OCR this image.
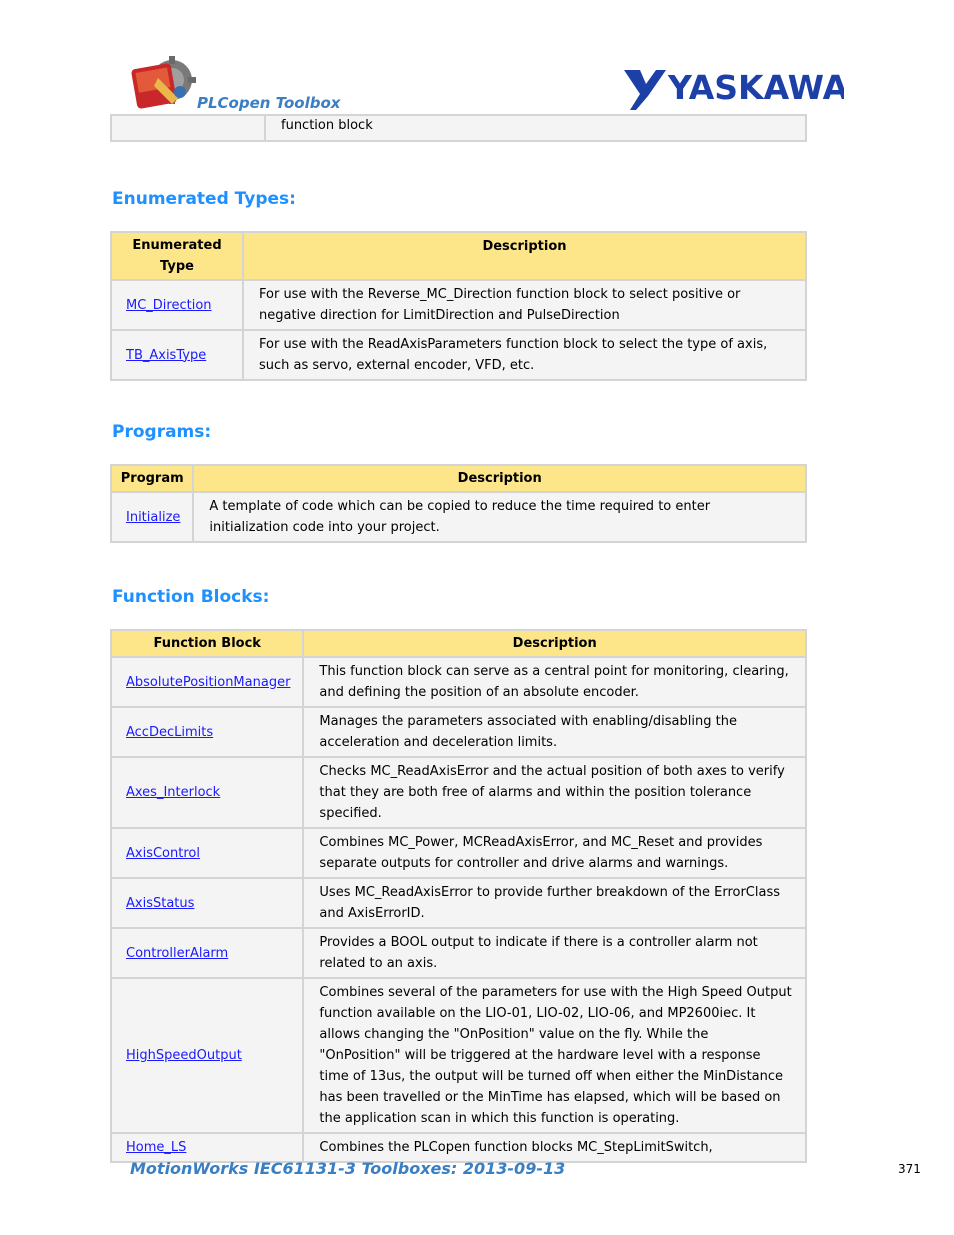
PLCopen Toolbox	YASKAWA
	function block
Enumerated Types:
Enumerated Type	Description
MC_Direction	For use with the Reverse_MC_Direction function block to select positive or negative direction for LimitDirection and PulseDirection
TB_AxisType	For use with the ReadAxisParameters function block to select the type of axis, such as servo, external encoder, VFD, etc.
Programs:
Program	Description
Initialize	A template of code which can be copied to reduce the time required to enter initialization code into your project.
Function Blocks:
Function Block	Description
AbsolutePositionManager	This function block can serve as a central point for monitoring, clearing, and defining the position of an absolute encoder.
AccDecLimits	Manages the parameters associated with enabling/disabling the acceleration and deceleration limits.
Axes_Interlock	Checks MC_ReadAxisError and the actual position of both axes to verify that they are both free of alarms and within the position tolerance specified.
AxisControl	Combines MC_Power, MCReadAxisError, and MC_Reset and provides separate outputs for controller and drive alarms and warnings.
AxisStatus	Uses MC_ReadAxisError to provide further breakdown of the ErrorClass and AxisErrorID.
ControllerAlarm	Provides a BOOL output to indicate if there is a controller alarm not related to an axis.
HighSpeedOutput	Combines several of the parameters for use with the High Speed Output function available on the LIO-01, LIO-02, LIO-06, and MP2600iec. It allows changing the "OnPosition" value on the fly. While the "OnPosition" will be triggered at the hardware level with a response time of 13us, the output will be turned off when either the MinDistance has been travelled or the MinTime has elapsed, which will be based on the application scan in which this function is operating.
Home_LS	Combines the PLCopen function blocks MC_StepLimitSwitch,
MotionWorks IEC61131-3 Toolboxes: 2013-09-13	371
